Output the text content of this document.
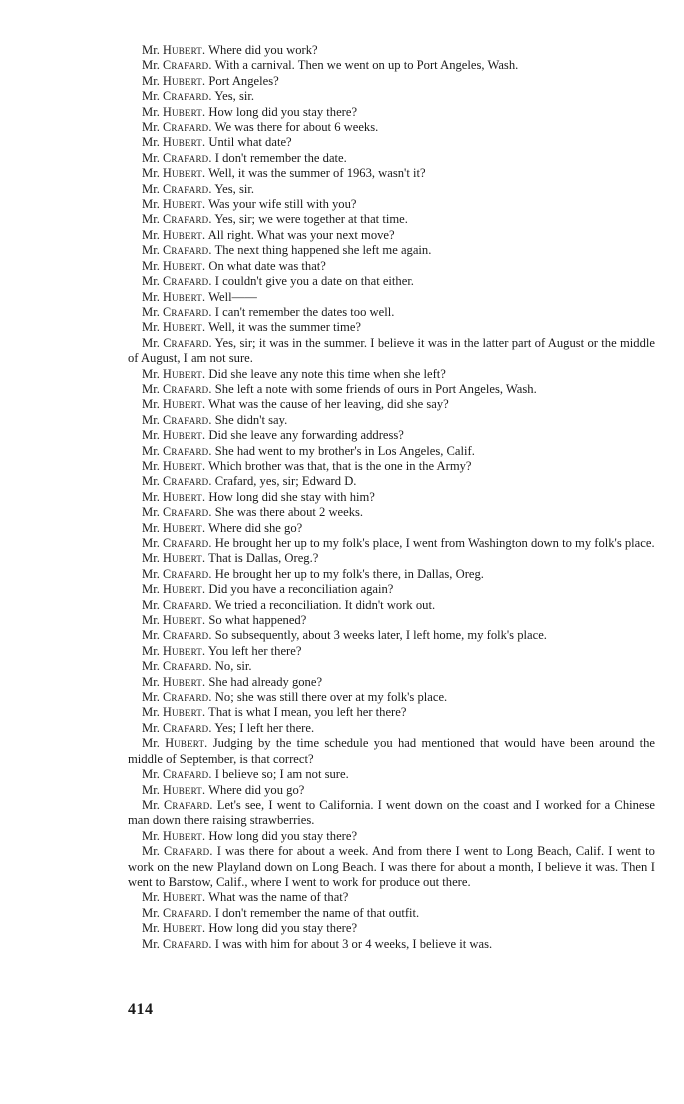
Mr. Hubert. Where did you work?

Mr. Crafard. With a carnival. Then we went on up to Port Angeles, Wash.

Mr. Hubert. Port Angeles?

Mr. Crafard. Yes, sir.

Mr. Hubert. How long did you stay there?

Mr. Crafard. We was there for about 6 weeks.

Mr. Hubert. Until what date?

Mr. Crafard. I don't remember the date.

Mr. Hubert. Well, it was the summer of 1963, wasn't it?

Mr. Crafard. Yes, sir.

Mr. Hubert. Was your wife still with you?

Mr. Crafard. Yes, sir; we were together at that time.

Mr. Hubert. All right. What was your next move?

Mr. Crafard. The next thing happened she left me again.

Mr. Hubert. On what date was that?

Mr. Crafard. I couldn't give you a date on that either.

Mr. Hubert. Well——

Mr. Crafard. I can't remember the dates too well.

Mr. Hubert. Well, it was the summer time?

Mr. Crafard. Yes, sir; it was in the summer. I believe it was in the latter part of August or the middle of August, I am not sure.

Mr. Hubert. Did she leave any note this time when she left?

Mr. Crafard. She left a note with some friends of ours in Port Angeles, Wash.

Mr. Hubert. What was the cause of her leaving, did she say?

Mr. Crafard. She didn't say.

Mr. Hubert. Did she leave any forwarding address?

Mr. Crafard. She had went to my brother's in Los Angeles, Calif.

Mr. Hubert. Which brother was that, that is the one in the Army?

Mr. Crafard. Crafard, yes, sir; Edward D.

Mr. Hubert. How long did she stay with him?

Mr. Crafard. She was there about 2 weeks.

Mr. Hubert. Where did she go?

Mr. Crafard. He brought her up to my folk's place, I went from Washington down to my folk's place.

Mr. Hubert. That is Dallas, Oreg.?

Mr. Crafard. He brought her up to my folk's there, in Dallas, Oreg.

Mr. Hubert. Did you have a reconciliation again?

Mr. Crafard. We tried a reconciliation. It didn't work out.

Mr. Hubert. So what happened?

Mr. Crafard. So subsequently, about 3 weeks later, I left home, my folk's place.

Mr. Hubert. You left her there?

Mr. Crafard. No, sir.

Mr. Hubert. She had already gone?

Mr. Crafard. No; she was still there over at my folk's place.

Mr. Hubert. That is what I mean, you left her there?

Mr. Crafard. Yes; I left her there.

Mr. Hubert. Judging by the time schedule you had mentioned that would have been around the middle of September, is that correct?

Mr. Crafard. I believe so; I am not sure.

Mr. Hubert. Where did you go?

Mr. Crafard. Let's see, I went to California. I went down on the coast and I worked for a Chinese man down there raising strawberries.

Mr. Hubert. How long did you stay there?

Mr. Crafard. I was there for about a week. And from there I went to Long Beach, Calif. I went to work on the new Playland down on Long Beach. I was there for about a month, I believe it was. Then I went to Barstow, Calif., where I went to work for produce out there.

Mr. Hubert. What was the name of that?

Mr. Crafard. I don't remember the name of that outfit.

Mr. Hubert. How long did you stay there?

Mr. Crafard. I was with him for about 3 or 4 weeks, I believe it was.

414
